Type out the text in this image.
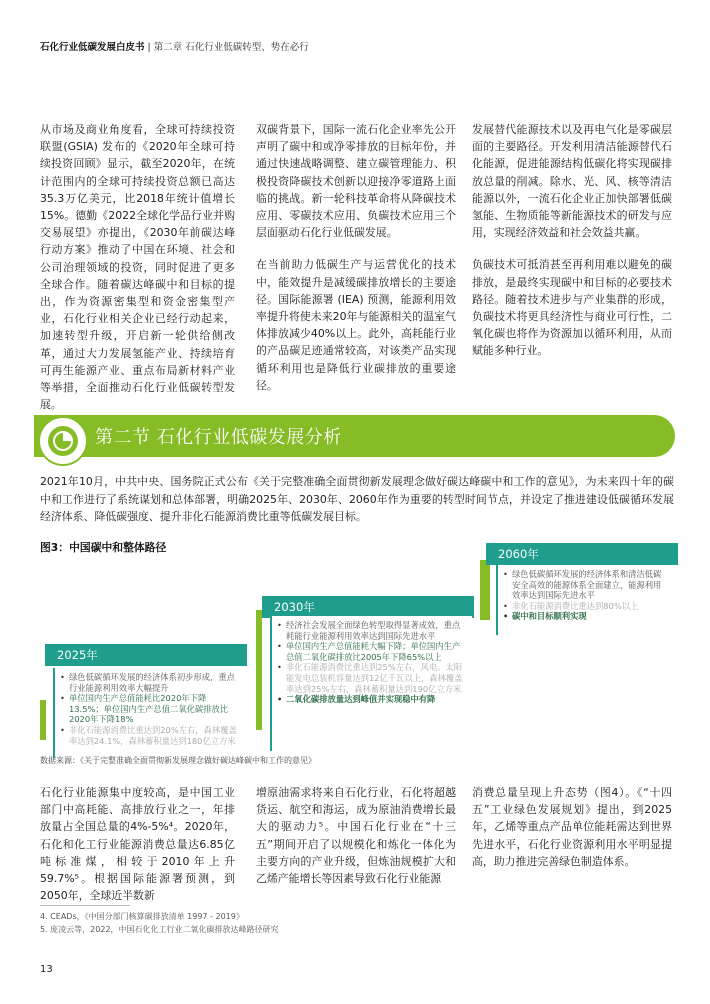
石化行业低碳发展白皮书 | 第二章 石化行业低碳转型、势在必行

从市场及商业角度看，全球可持续投资联盟(GSIA) 发布的《2020年全球可持续投资回顾》显示，截至2020年，在统计范围内的全球可持续投资总额已高达35.3万亿美元，比2018年统计值增长15%。德勤《2022全球化学品行业并购交易展望》亦提出，《2030年前碳达峰行动方案》推动了中国在环境、社会和公司治理领域的投资，同时促进了更多全球合作。随着碳达峰碳中和目标的提出，作为资源密集型和资金密集型产业，石化行业相关企业已经行动起来，加速转型升级，开启新一轮供给侧改革，通过大力发展氢能产业、持续培育可再生能源产业、重点布局新材料产业等举措，全面推动石化行业低碳转型发展。

双碳背景下，国际一流石化企业率先公开声明了碳中和或净零排放的目标年份，并通过快速战略调整、建立碳管理能力、积极投资降碳技术创新以迎接净零道路上面临的挑战。新一轮科技革命将从降碳技术应用、零碳技术应用、负碳技术应用三个层面驱动石化行业低碳发展。

在当前助力低碳生产与运营优化的技术中，能效提升是减缓碳排放增长的主要途径。国际能源署 (IEA) 预测，能源利用效率提升将使未来20年与能源相关的温室气体排放减少40%以上。此外，高耗能行业的产品碳足迹通常较高，对该类产品实现循环利用也是降低行业碳排放的重要途径。

发展替代能源技术以及再电气化是零碳层面的主要路径。开发利用清洁能源替代石化能源，促进能源结构低碳化将实现碳排放总量的削减。除水、光、风、核等清洁能源以外，一流石化企业正加快部署低碳氢能、生物质能等新能源技术的研发与应用，实现经济效益和社会效益共赢。

负碳技术可抵消甚至再利用难以避免的碳排放，是最终实现碳中和目标的必要技术路径。随着技术进步与产业集群的形成，负碳技术将更具经济性与商业可行性，二氧化碳也将作为资源加以循环利用，从而赋能多种行业。

第二节 石化行业低碳发展分析
2021年10月，中共中央、国务院正式公布《关于完整准确全面贯彻新发展理念做好碳达峰碳中和工作的意见》，为未来四十年的碳中和工作进行了系统谋划和总体部署，明确2025年、2030年、2060年作为重要的转型时间节点，并设定了推进建设低碳循环发展经济体系、降低碳强度、提升非化石能源消费比重等低碳发展目标。
图3：中国碳中和整体路径
2025年
• 绿色低碳循环发展的经济体系初步形成，重点行业能源利用效率大幅提升
• 单位国内生产总值能耗比2020年下降13.5%；单位国内生产总值二氧化碳排放比2020年下降18%
• 非化石能源消费比重达到20%左右，森林覆盖率达到24.1%，森林蓄积量达到180亿立方米
2030年
• 经济社会发展全面绿色转型取得显著成效，重点耗能行业能源利用效率达到国际先进水平
• 单位国内生产总值能耗大幅下降；单位国内生产总值二氧化碳排放比2005年下降65%以上
• 非化石能源消费比重达到25%左右，风电、太阳能发电总装机容量达到12亿千瓦以上，森林覆盖率达到25%左右，森林蓄积量达到190亿立方米
• 二氧化碳排放量达到峰值并实现稳中有降
2060年
• 绿色低碳循环发展的经济体系和清洁低碳安全高效的能源体系全面建立，能源利用效率达到国际先进水平
• 非化石能源消费比重达到80%以上
• 碳中和目标顺利实现
数据来源：《关于完整准确全面贯彻新发展理念做好碳达峰碳中和工作的意见》

石化行业能源集中度较高，是中国工业部门中高耗能、高排放行业之一，年排放量占全国总量的4%-5%⁴。2020年，石化和化工行业能源消费总量达6.85亿吨标准煤，相较于2010年上升59.7%⁵。根据国际能源署预测，到2050年，全球近半数新

增原油需求将来自石化行业，石化将超越货运、航空和海运，成为原油消费增长最大的驱动力⁵。中国石化行业在“十三五”期间开启了以规模化和炼化一体化为主要方向的产业升级，但炼油规模扩大和乙烯产能增长等因素导致石化行业能源

消费总量呈现上升态势（图4）。《“十四五”工业绿色发展规划》提出，到2025年，乙烯等重点产品单位能耗需达到世界先进水平，石化行业资源利用水平明显提高，助力推进完善绿色制造体系。

4. CEADs，《中国分部门核算碳排放清单 1997 - 2019》
5. 庞凌云等，2022，中国石化化工行业二氧化碳排放达峰路径研究
13
